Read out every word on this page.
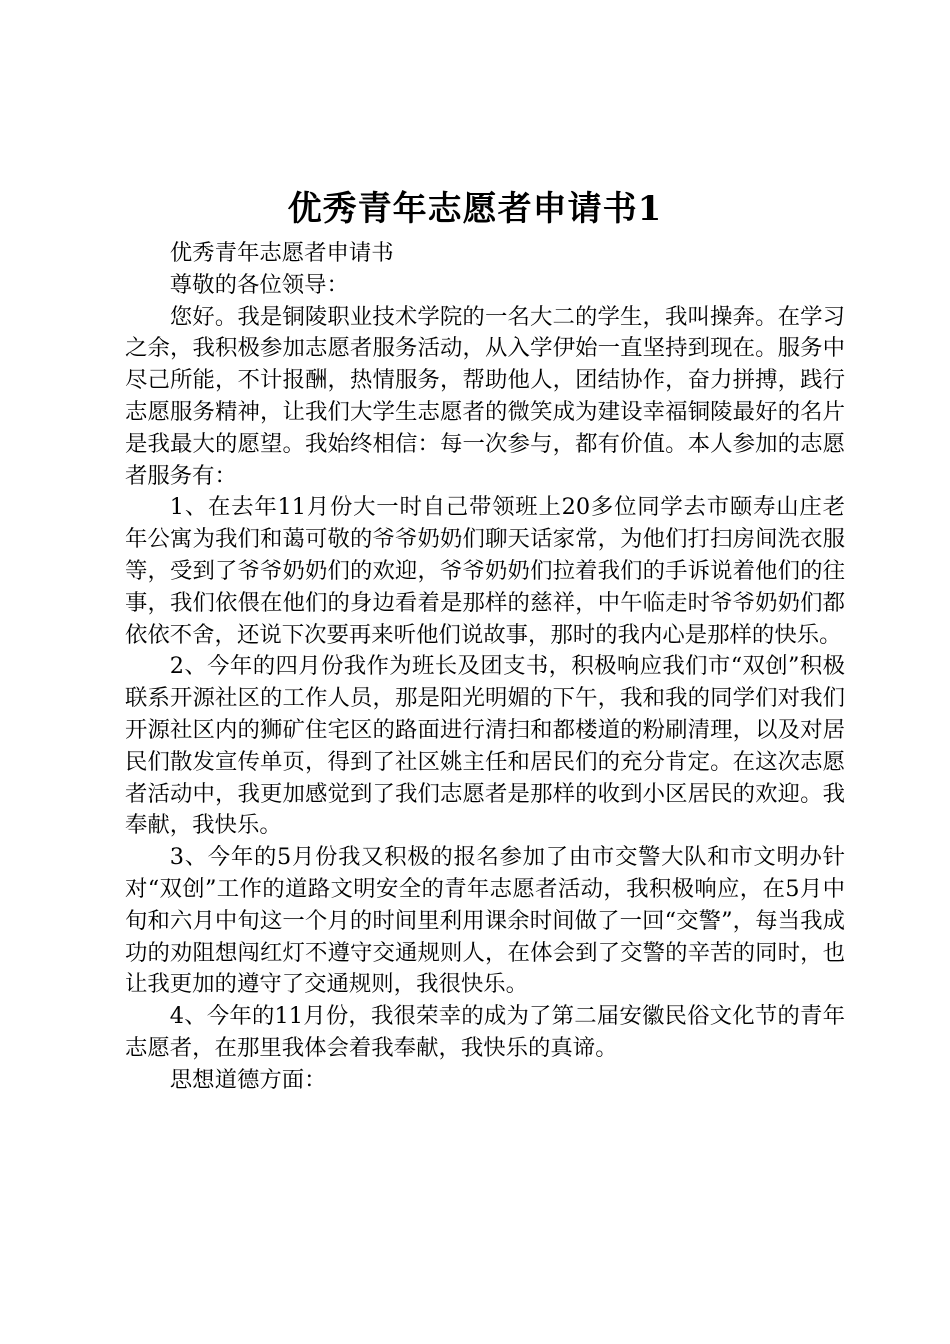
优秀青年志愿者申请书1

优秀青年志愿者申请书

尊敬的各位领导：

您好。我是铜陵职业技术学院的一名大二的学生，我叫操奔。在学习之余，我积极参加志愿者服务活动，从入学伊始一直坚持到现在。服务中尽己所能，不计报酬，热情服务，帮助他人，团结协作，奋力拼搏，践行志愿服务精神，让我们大学生志愿者的微笑成为建设幸福铜陵最好的名片是我最大的愿望。我始终相信：每一次参与，都有价值。本人参加的志愿者服务有：

1、在去年11月份大一时自己带领班上20多位同学去市颐寿山庄老年公寓为我们和蔼可敬的爷爷奶奶们聊天话家常，为他们打扫房间洗衣服等，受到了爷爷奶奶们的欢迎，爷爷奶奶们拉着我们的手诉说着他们的往事，我们依偎在他们的身边看着是那样的慈祥，中午临走时爷爷奶奶们都依依不舍，还说下次要再来听他们说故事，那时的我内心是那样的快乐。

2、今年的四月份我作为班长及团支书，积极响应我们市“双创”积极联系开源社区的工作人员，那是阳光明媚的下午，我和我的同学们对我们开源社区内的狮矿住宅区的路面进行清扫和都楼道的粉刷清理，以及对居民们散发宣传单页，得到了社区姚主任和居民们的充分肯定。在这次志愿者活动中，我更加感觉到了我们志愿者是那样的收到小区居民的欢迎。我奉献，我快乐。

3、今年的5月份我又积极的报名参加了由市交警大队和市文明办针对“双创”工作的道路文明安全的青年志愿者活动，我积极响应，在5月中旬和六月中旬这一个月的时间里利用课余时间做了一回“交警”，每当我成功的劝阻想闯红灯不遵守交通规则人，在体会到了交警的辛苦的同时，也让我更加的遵守了交通规则，我很快乐。

4、今年的11月份，我很荣幸的成为了第二届安徽民俗文化节的青年志愿者，在那里我体会着我奉献，我快乐的真谛。

思想道德方面：
